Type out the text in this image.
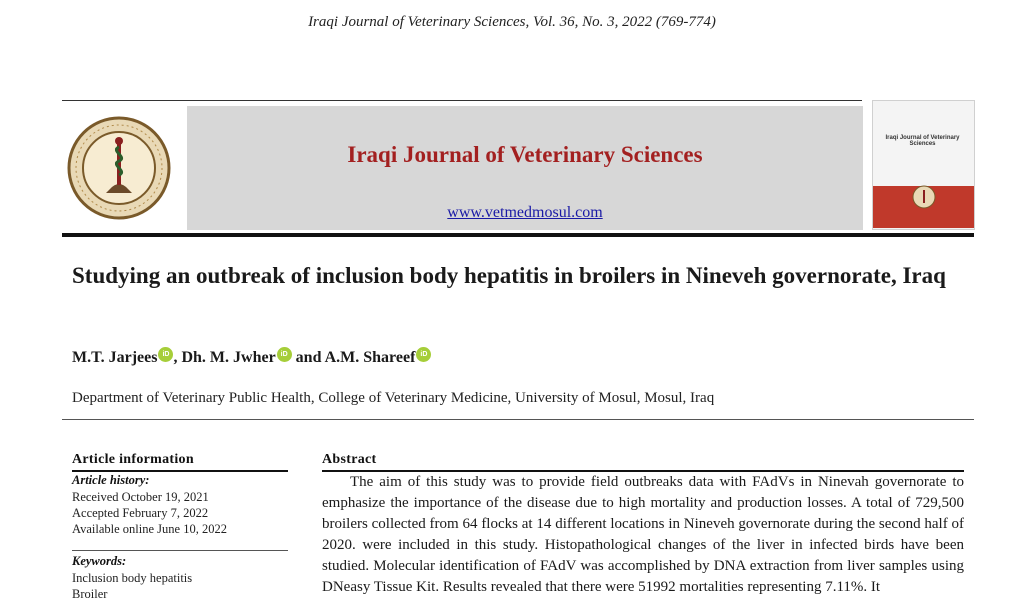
Iraqi Journal of Veterinary Sciences, Vol. 36, No. 3, 2022 (769-774)
Iraqi Journal of Veterinary Sciences
www.vetmedmosul.com
Iraqi Journal of Veterinary Sciences
Studying an outbreak of inclusion body hepatitis in broilers in Nineveh governorate, Iraq
M.T. Jarjees iD , Dh. M. Jwher iD and A.M. Shareef iD
Department of Veterinary Public Health, College of Veterinary Medicine, University of Mosul, Mosul, Iraq
Article information
Article history:
Received October 19, 2021
Accepted February 7, 2022
Available online June 10, 2022
Keywords:
Inclusion body hepatitis
Broiler
Abstract
The aim of this study was to provide field outbreaks data with FAdVs in Ninevah governorate to emphasize the importance of the disease due to high mortality and production losses. A total of 729,500 broilers collected from 64 flocks at 14 different locations in Nineveh governorate during the second half of 2020. were included in this study. Histopathological changes of the liver in infected birds have been studied. Molecular identification of FAdV was accomplished by DNA extraction from liver samples using DNeasy Tissue Kit. Results revealed that there were 51992 mortalities representing 7.11%. It
